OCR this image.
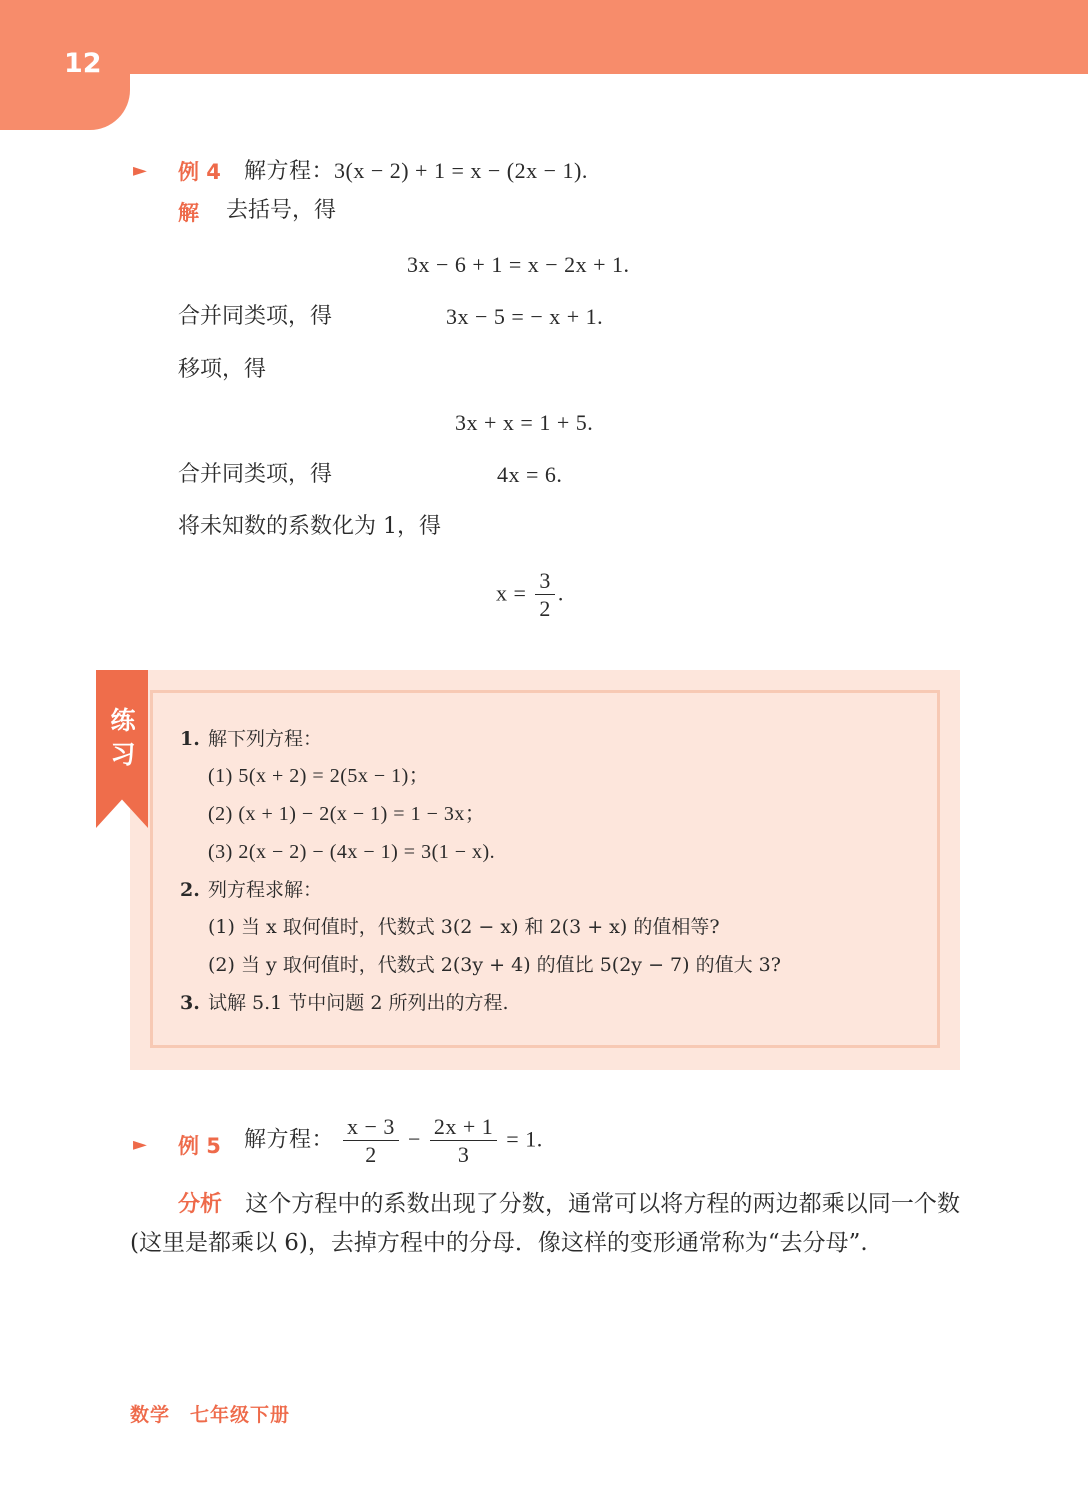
12
► 例 4 解方程：3(x − 2) + 1 = x − (2x − 1).
解 去括号，得
3x − 6 + 1 = x − 2x + 1.
合并同类项，得	3x − 5 = − x + 1.
移项，得
3x + x = 1 + 5.
合并同类项，得	4x = 6.
将未知数的系数化为 1，得
$x = \frac{3}{2}$ .
练习
1. 解下列方程：
(1) 5(x + 2) = 2(5x − 1)；
(2) (x + 1) − 2(x − 1) = 1 − 3x；
(3) 2(x − 2) − (4x − 1) = 3(1 − x).
2. 列方程求解：
(1) 当 x 取何值时，代数式 3(2 − x) 和 2(3 + x) 的值相等?
(2) 当 y 取何值时，代数式 2(3y + 4) 的值比 5(2y − 7) 的值大 3?
3. 试解 5.1 节中问题 2 所列出的方程.
► 例 5 解方程： $\frac{x - 3}{2} - \frac{2x + 1}{3} = 1$.

分析　 这个方程中的系数出现了分数，通常可以将方程的两边都乘以同一个数(这里是都乘以 6)，去掉方程中的分母．像这样的变形通常称为“去分母”.

数学　七年级下册
